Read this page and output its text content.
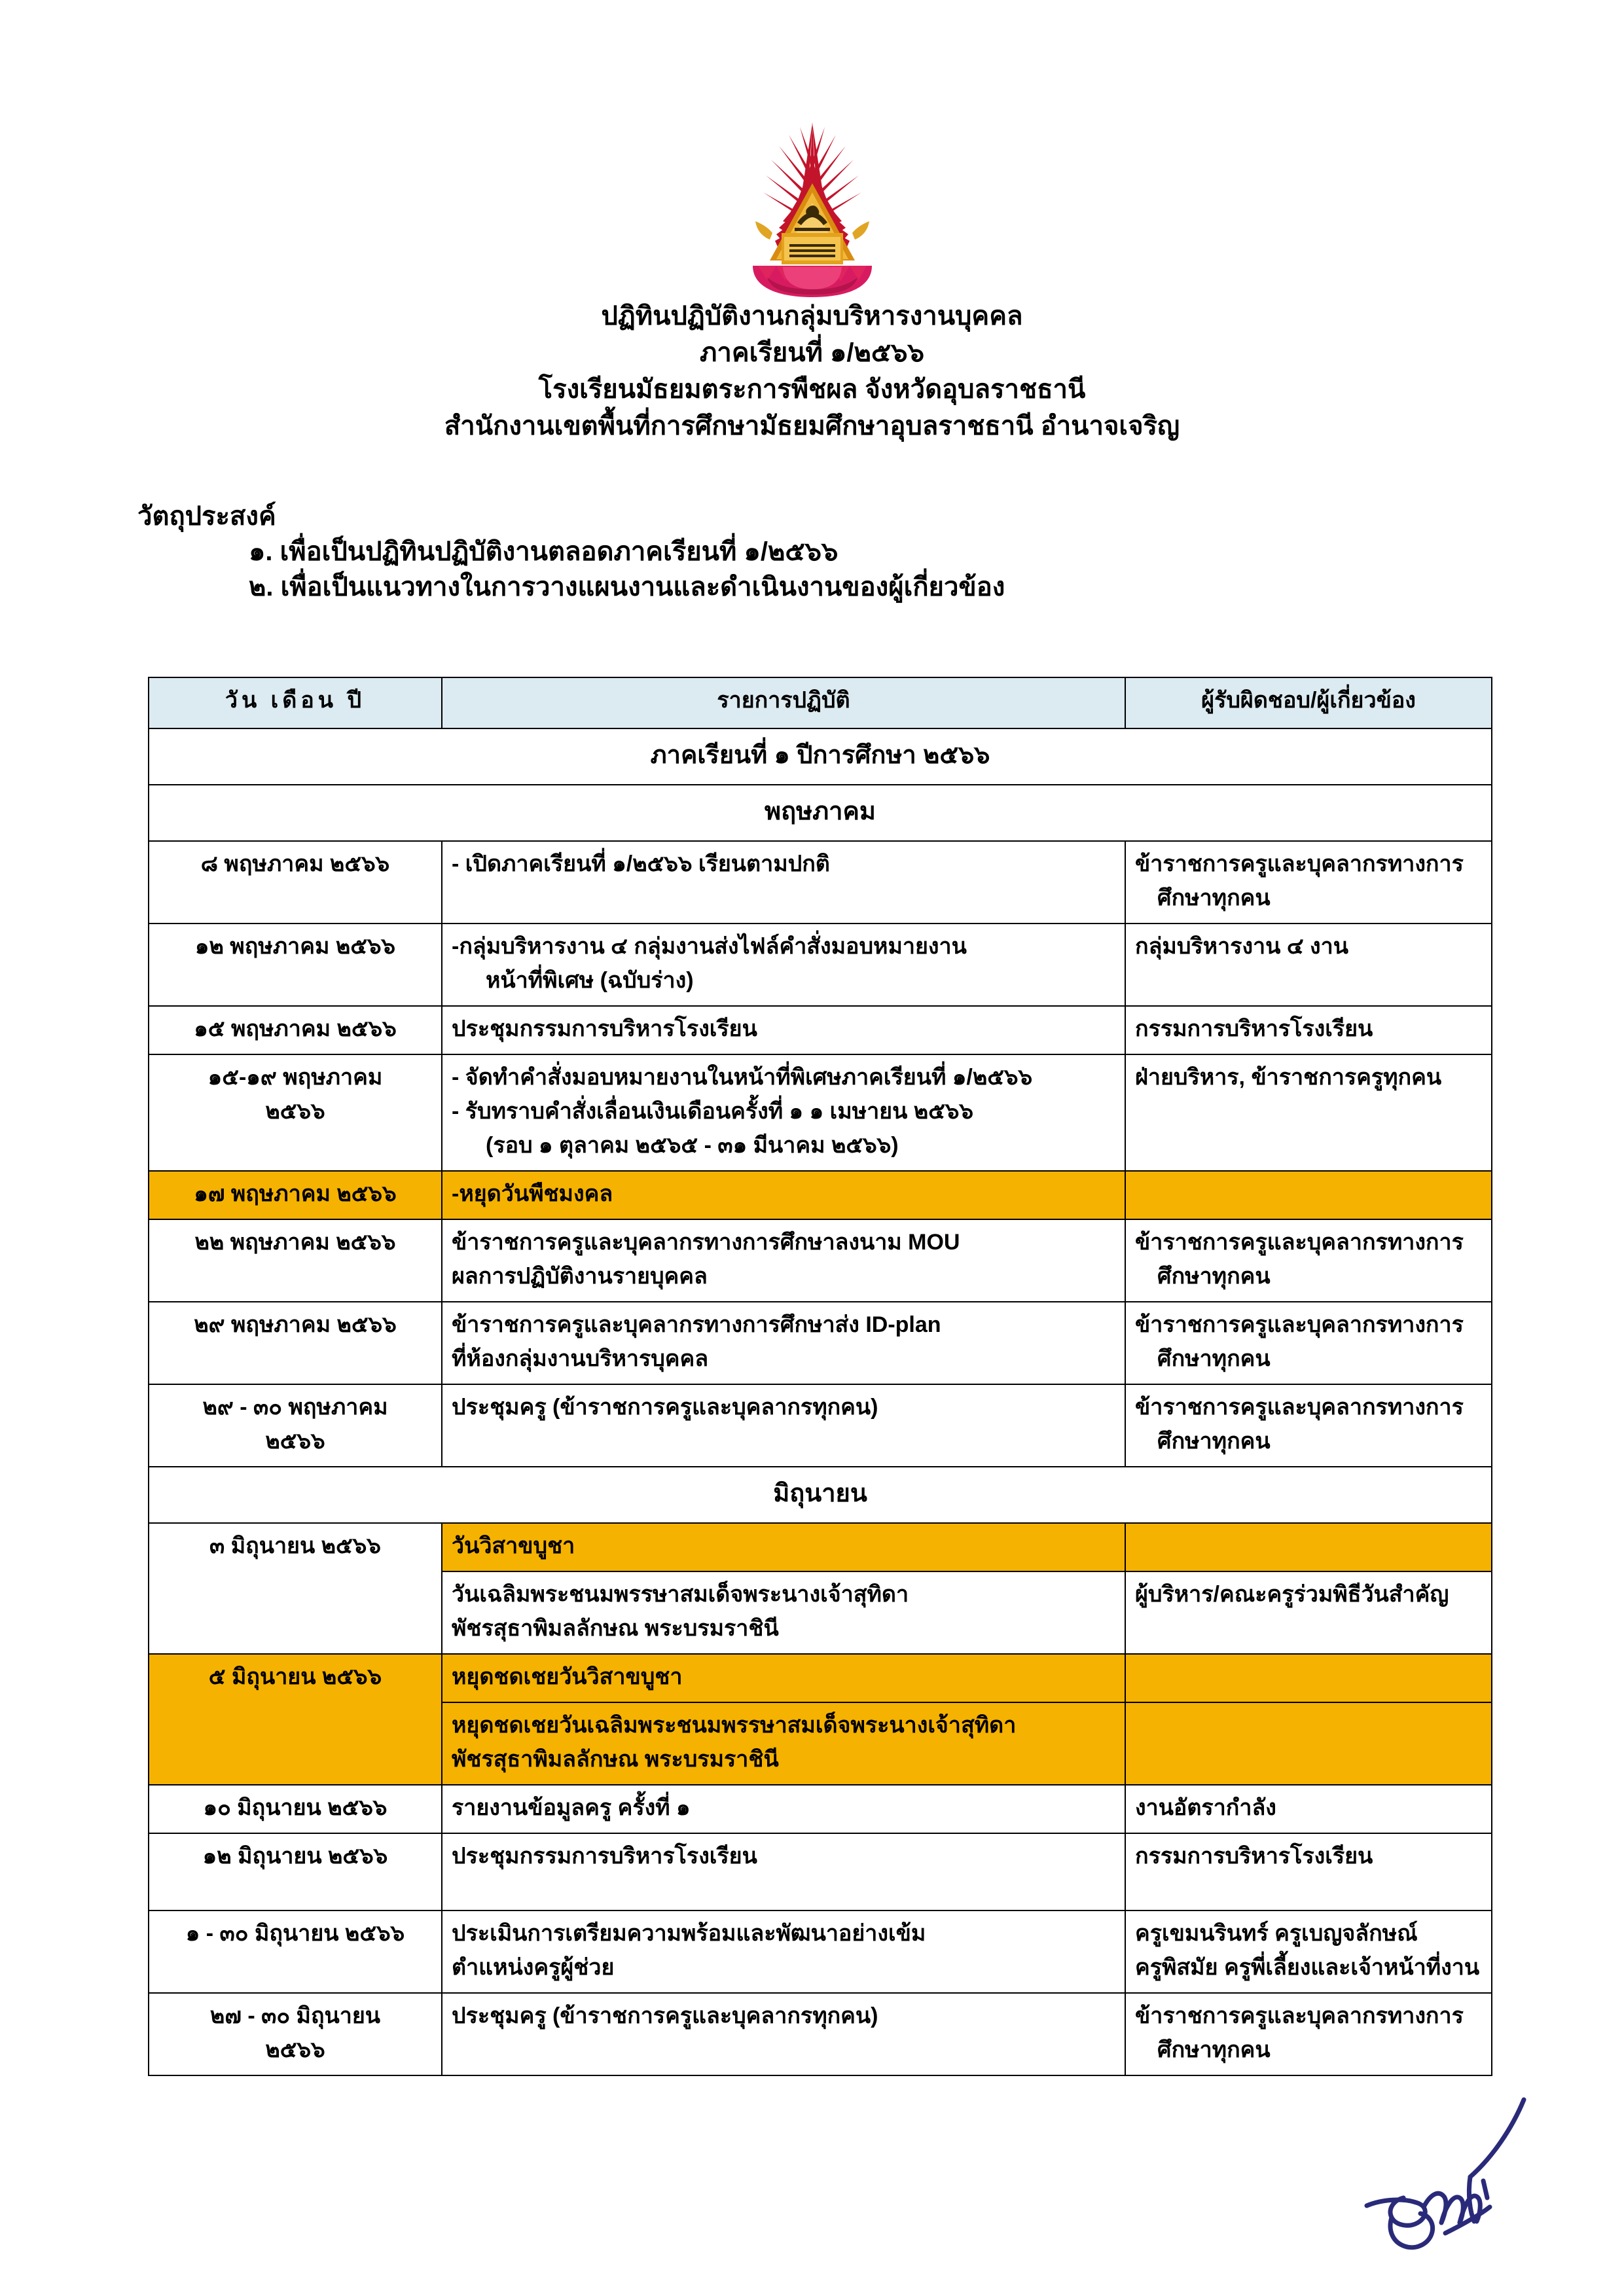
ปฏิทินปฏิบัติงานกลุ่มบริหารงานบุคคล
ภาคเรียนที่ ๑/๒๕๖๖
โรงเรียนมัธยมตระการพืชผล จังหวัดอุบลราชธานี
สำนักงานเขตพื้นที่การศึกษามัธยมศึกษาอุบลราชธานี อำนาจเจริญ
วัตถุประสงค์
๑. เพื่อเป็นปฏิทินปฏิบัติงานตลอดภาคเรียนที่ ๑/๒๕๖๖
๒. เพื่อเป็นแนวทางในการวางแผนงานและดำเนินงานของผู้เกี่ยวข้อง
วัน เดือน ปี	รายการปฏิบัติ	ผู้รับผิดชอบ/ผู้เกี่ยวข้อง
ภาคเรียนที่ ๑ ปีการศึกษา ๒๕๖๖		
พฤษภาคม		
๘ พฤษภาคม ๒๕๖๖	- เปิดภาคเรียนที่ ๑/๒๕๖๖ เรียนตามปกติ	ข้าราชการครูและบุคลากรทางการ
ศึกษาทุกคน

๑๒ พฤษภาคม ๒๕๖๖	-กลุ่มบริหารงาน ๔ กลุ่มงานส่งไฟล์คำสั่งมอบหมายงาน
หน้าที่พิเศษ (ฉบับร่าง)	กลุ่มบริหารงาน ๔ งาน

๑๕ พฤษภาคม ๒๕๖๖	ประชุมกรรมการบริหารโรงเรียน	กรรมการบริหารโรงเรียน

๑๕-๑๙ พฤษภาคม
๒๕๖๖	- จัดทำคำสั่งมอบหมายงานในหน้าที่พิเศษภาคเรียนที่ ๑/๒๕๖๖
- รับทราบคำสั่งเลื่อนเงินเดือนครั้งที่ ๑ ๑ เมษายน ๒๕๖๖
(รอบ ๑ ตุลาคม ๒๕๖๕ - ๓๑ มีนาคม ๒๕๖๖)	ฝ่ายบริหาร, ข้าราชการครูทุกคน
๑๗ พฤษภาคม ๒๕๖๖	-หยุดวันพืชมงคล	
๒๒ พฤษภาคม ๒๕๖๖	ข้าราชการครูและบุคลากรทางการศึกษาลงนาม MOU
ผลการปฏิบัติงานรายบุคคล	ข้าราชการครูและบุคลากรทางการ
ศึกษาทุกคน

๒๙ พฤษภาคม ๒๕๖๖	ข้าราชการครูและบุคลากรทางการศึกษาส่ง ID-plan
ที่ห้องกลุ่มงานบริหารบุคคล	ข้าราชการครูและบุคลากรทางการ
ศึกษาทุกคน

๒๙ - ๓๐ พฤษภาคม
๒๕๖๖	ประชุมครู (ข้าราชการครูและบุคลากรทุกคน)	ข้าราชการครูและบุคลากรทางการ
ศึกษาทุกคน

มิถุนายน		
๓ มิถุนายน ๒๕๖๖	วันวิสาขบูชา	

	วันเฉลิมพระชนมพรรษาสมเด็จพระนางเจ้าสุทิดา
พัชรสุธาพิมลลักษณ พระบรมราชินี	ผู้บริหาร/คณะครูร่วมพิธีวันสำคัญ
๕ มิถุนายน ๒๕๖๖	หยุดชดเชยวันวิสาขบูชา	

	หยุดชดเชยวันเฉลิมพระชนมพรรษาสมเด็จพระนางเจ้าสุทิดา
พัชรสุธาพิมลลักษณ พระบรมราชินี	

๑๐ มิถุนายน ๒๕๖๖	รายงานข้อมูลครู ครั้งที่ ๑	งานอัตรากำลัง
๑๒ มิถุนายน ๒๕๖๖	ประชุมกรรมการบริหารโรงเรียน	กรรมการบริหารโรงเรียน
๑ - ๓๐ มิถุนายน ๒๕๖๖	ประเมินการเตรียมความพร้อมและพัฒนาอย่างเข้ม
ตำแหน่งครูผู้ช่วย	ครูเขมนรินทร์ ครูเบญจลักษณ์
ครูพิสมัย ครูพี่เลี้ยงและเจ้าหน้าที่งาน

๒๗ - ๓๐ มิถุนายน
๒๕๖๖	ประชุมครู (ข้าราชการครูและบุคลากรทุกคน)	ข้าราชการครูและบุคลากรทางการ
ศึกษาทุกคน
